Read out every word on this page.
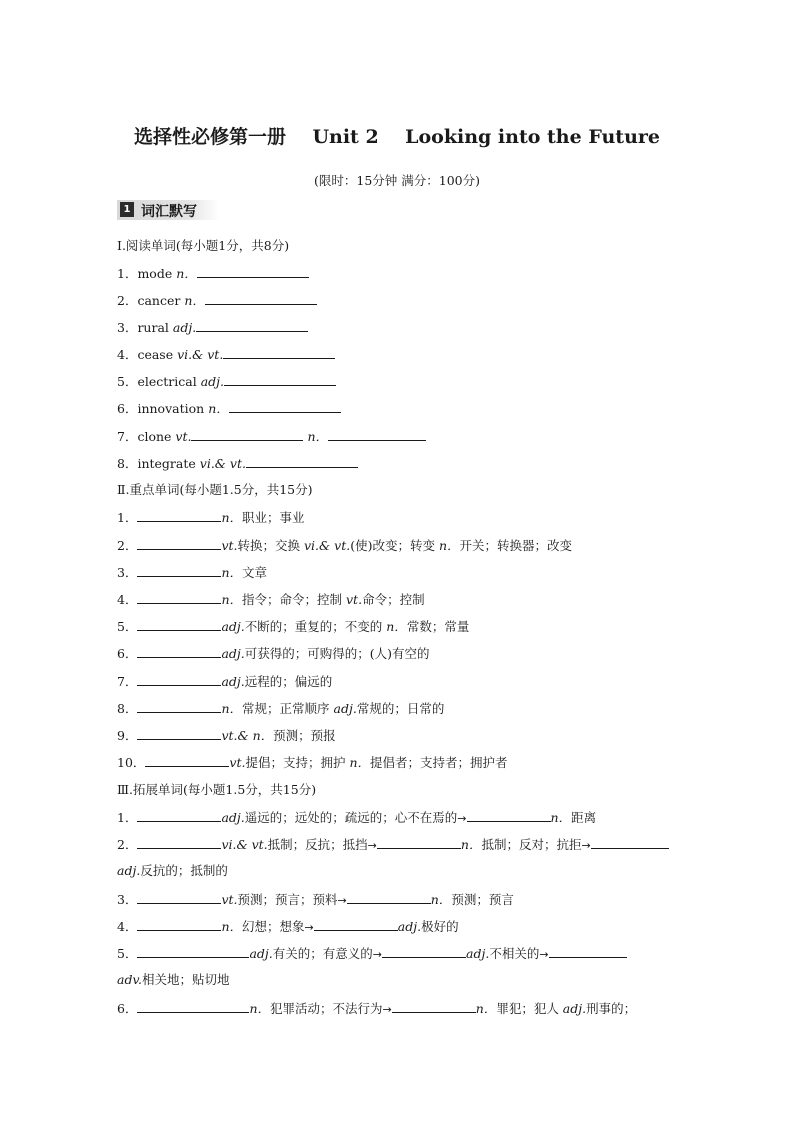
选择性必修第一册    Unit 2    Looking into the Future
(限时：15分钟 满分：100分)
1 词汇默写
Ⅰ.阅读单词(每小题1分，共8分)
1．mode n．
2．cancer n．
3．rural adj.
4．cease vi.& vt.
5．electrical adj.
6．innovation n．
7．clone vt.	n．
8．integrate vi.& vt.
Ⅱ.重点单词(每小题1.5分，共15分)
1．	n．职业；事业
2．	vt.转换；交换 vi.& vt.(使)改变；转变 n．开关；转换器；改变
3．	n．文章
4．	n．指令；命令；控制 vt.命令；控制
5．	adj.不断的；重复的；不变的 n．常数；常量
6．	adj.可获得的；可购得的；(人)有空的
7．	adj.远程的；偏远的
8．	n．常规；正常顺序 adj.常规的；日常的
9．	vt.& n．预测；预报
10．	vt.提倡；支持；拥护 n．提倡者；支持者；拥护者
Ⅲ.拓展单词(每小题1.5分，共15分)
1．	adj.遥远的；远处的；疏远的；心不在焉的→	n．距离
2．	vi.& vt.抵制；反抗；抵挡→	n．抵制；反对；抗拒→
adj.反抗的；抵制的
3．	vt.预测；预言；预料→	n．预测；预言
4．	n．幻想；想象→	adj.极好的
5．	adj.有关的；有意义的→	adj.不相关的→
adv.相关地；贴切地
6．	n．犯罪活动；不法行为→	n．罪犯；犯人 adj.刑事的；
